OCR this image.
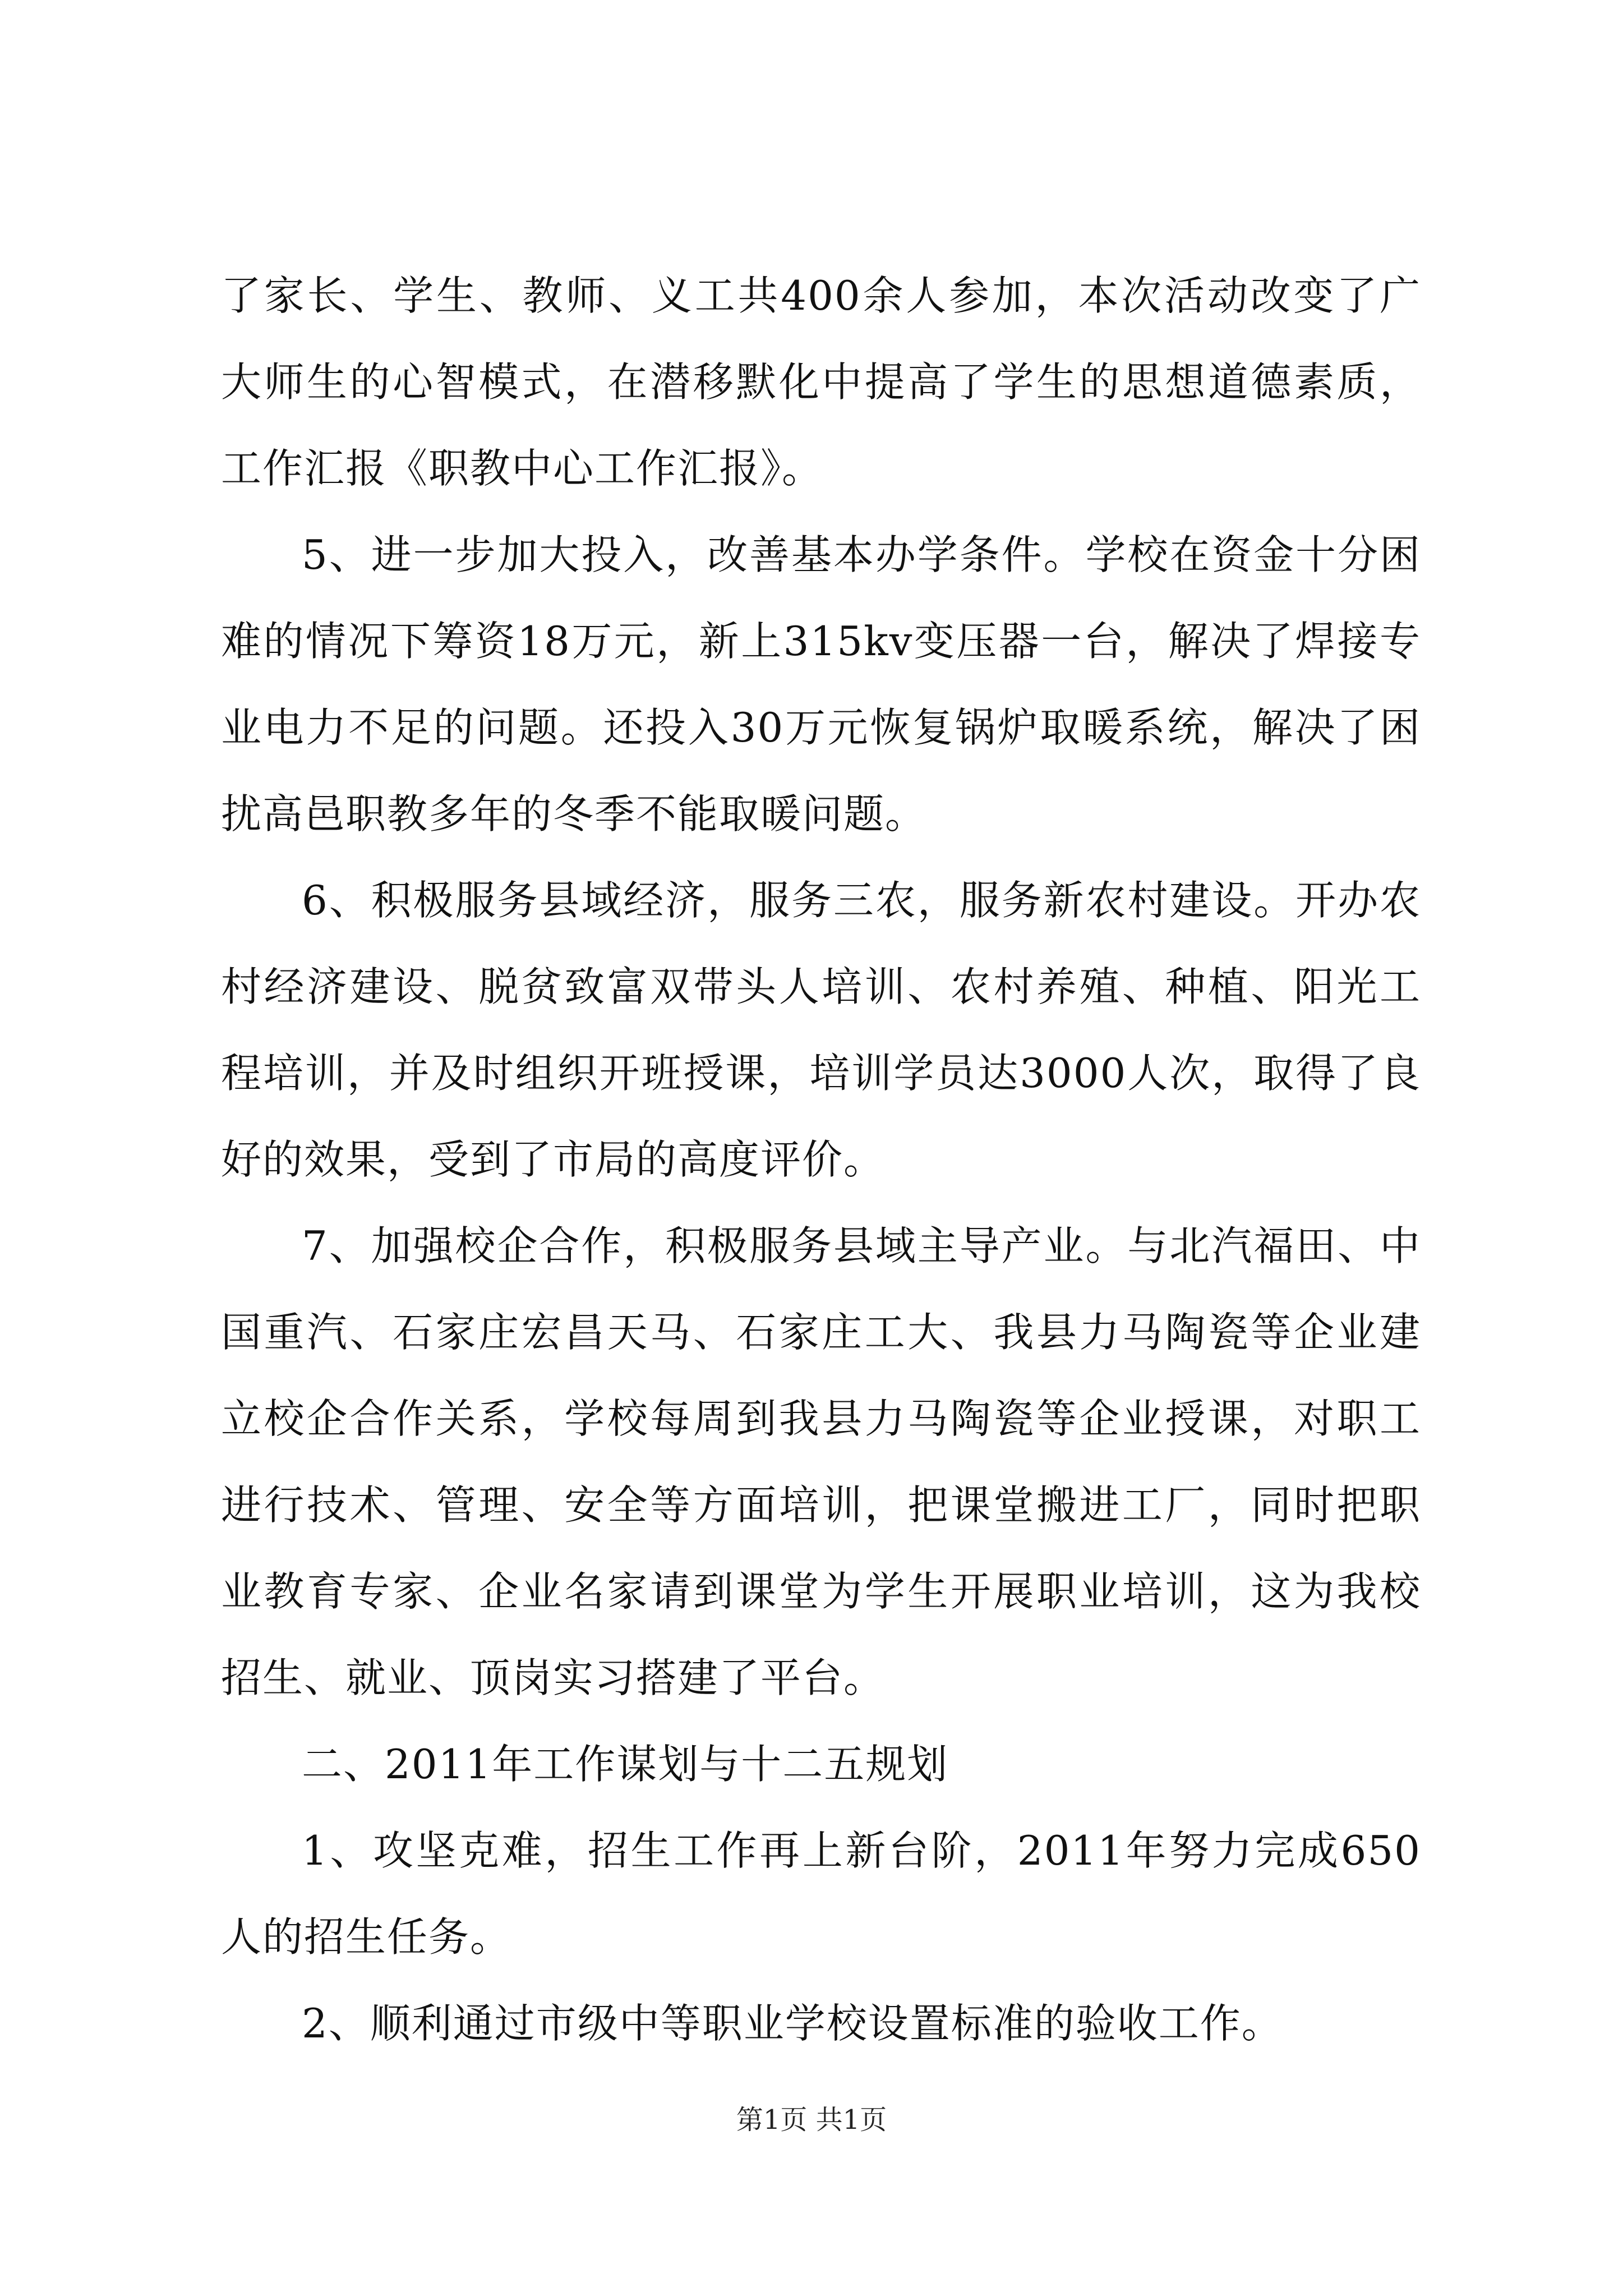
了家长、学生、教师、义工共400余人参加，本次活动改变了广大师生的心智模式，在潜移默化中提高了学生的思想道德素质，工作汇报《职教中心工作汇报》。

5、进一步加大投入，改善基本办学条件。学校在资金十分困难的情况下筹资18万元，新上315kv变压器一台，解决了焊接专业电力不足的问题。还投入30万元恢复锅炉取暖系统，解决了困扰高邑职教多年的冬季不能取暖问题。

6、积极服务县域经济，服务三农，服务新农村建设。开办农村经济建设、脱贫致富双带头人培训、农村养殖、种植、阳光工程培训，并及时组织开班授课，培训学员达3000人次，取得了良好的效果，受到了市局的高度评价。

7、加强校企合作，积极服务县域主导产业。与北汽福田、中国重汽、石家庄宏昌天马、石家庄工大、我县力马陶瓷等企业建立校企合作关系，学校每周到我县力马陶瓷等企业授课，对职工进行技术、管理、安全等方面培训，把课堂搬进工厂，同时把职业教育专家、企业名家请到课堂为学生开展职业培训，这为我校招生、就业、顶岗实习搭建了平台。

二、2011年工作谋划与十二五规划

1、攻坚克难，招生工作再上新台阶，2011年努力完成650人的招生任务。

2、顺利通过市级中等职业学校设置标准的验收工作。

第1页 共1页
